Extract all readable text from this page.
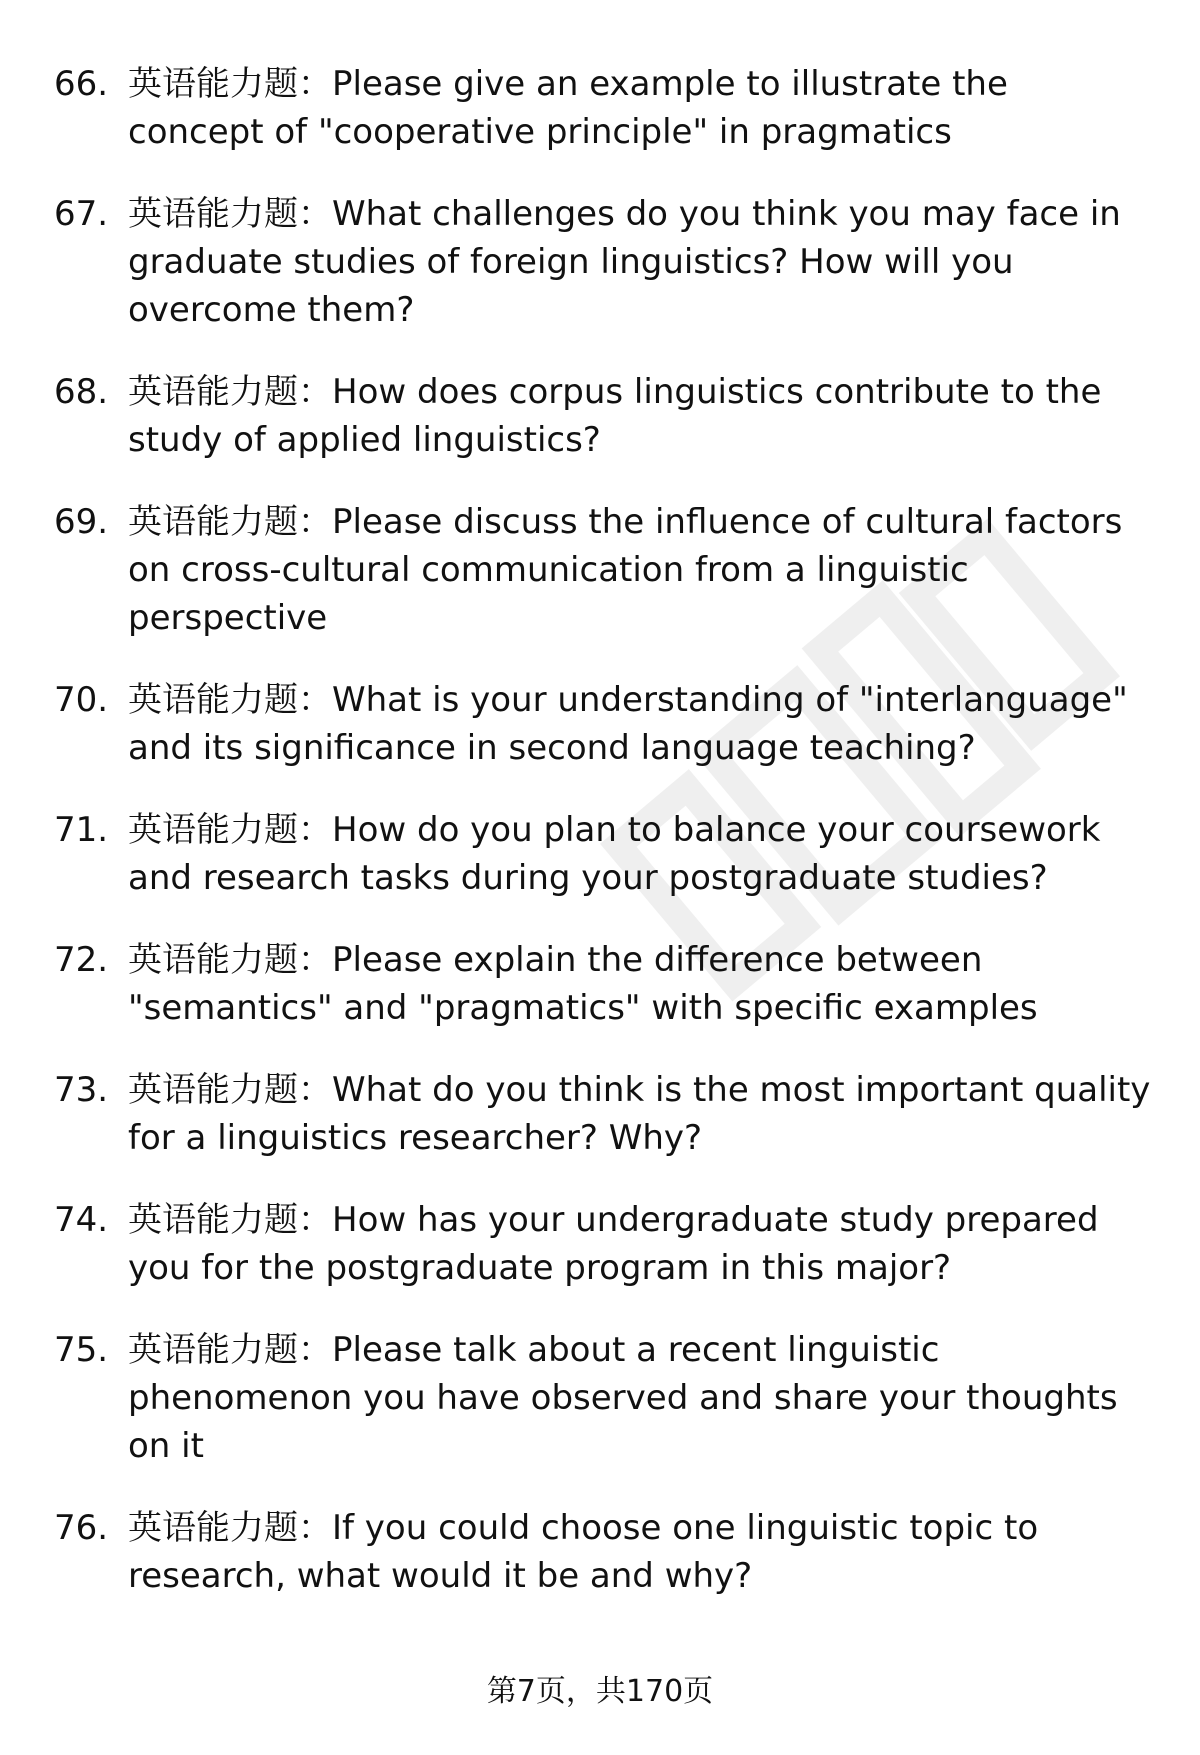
66. 英语能力题：Please give an example to illustrate the concept of "cooperative principle" in pragmatics
67. 英语能力题：What challenges do you think you may face in graduate studies of foreign linguistics? How will you overcome them?
68. 英语能力题：How does corpus linguistics contribute to the study of applied linguistics?
69. 英语能力题：Please discuss the influence of cultural factors on cross-cultural communication from a linguistic perspective
70. 英语能力题：What is your understanding of "interlanguage" and its significance in second language teaching?
71. 英语能力题：How do you plan to balance your coursework and research tasks during your postgraduate studies?
72. 英语能力题：Please explain the difference between "semantics" and "pragmatics" with specific examples
73. 英语能力题：What do you think is the most important quality for a linguistics researcher? Why?
74. 英语能力题：How has your undergraduate study prepared you for the postgraduate program in this major?
75. 英语能力题：Please talk about a recent linguistic phenomenon you have observed and share your thoughts on it
76. 英语能力题：If you could choose one linguistic topic to research, what would it be and why?
第7页，共170页
